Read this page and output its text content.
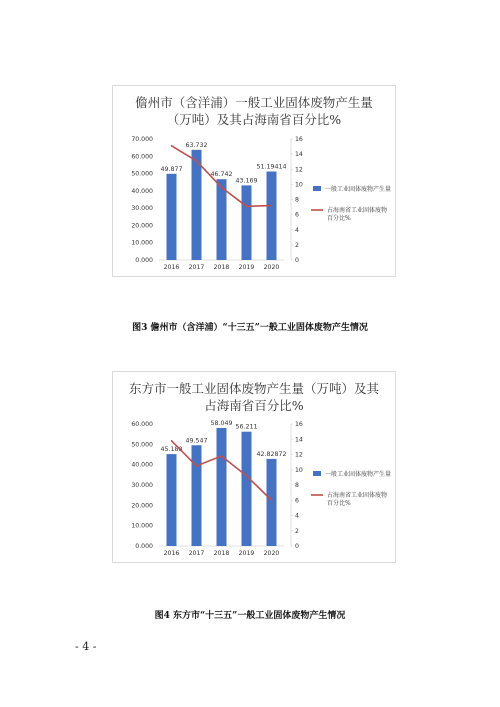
儋州市（含洋浦）一般工业固体废物产生量
（万吨）及其占海南省百分比%
0.000
10.000
20.000
30.000
40.000
50.000
60.000
70.000
0
2
4
6
8
10
12
14
16
49.877
2016
63.732
2017
46.742
2018
43.169
2019
51.19414
2020
一般工业固体废物产生量
占海南省工业固体废物
百分比%
图3 儋州市（含洋浦）“十三五”一般工业固体废物产生情况
东方市一般工业固体废物产生量（万吨）及其
占海南省百分比%
0.000
10.000
20.000
30.000
40.000
50.000
60.000
0
2
4
6
8
10
12
14
16
45.188
2016
49.547
2017
58.049
2018
56.211
2019
42.82872
2020
一般工业固体废物产生量
占海南省工业固体废物
百分比%
图4 东方市“十三五”一般工业固体废物产生情况
- 4 -
